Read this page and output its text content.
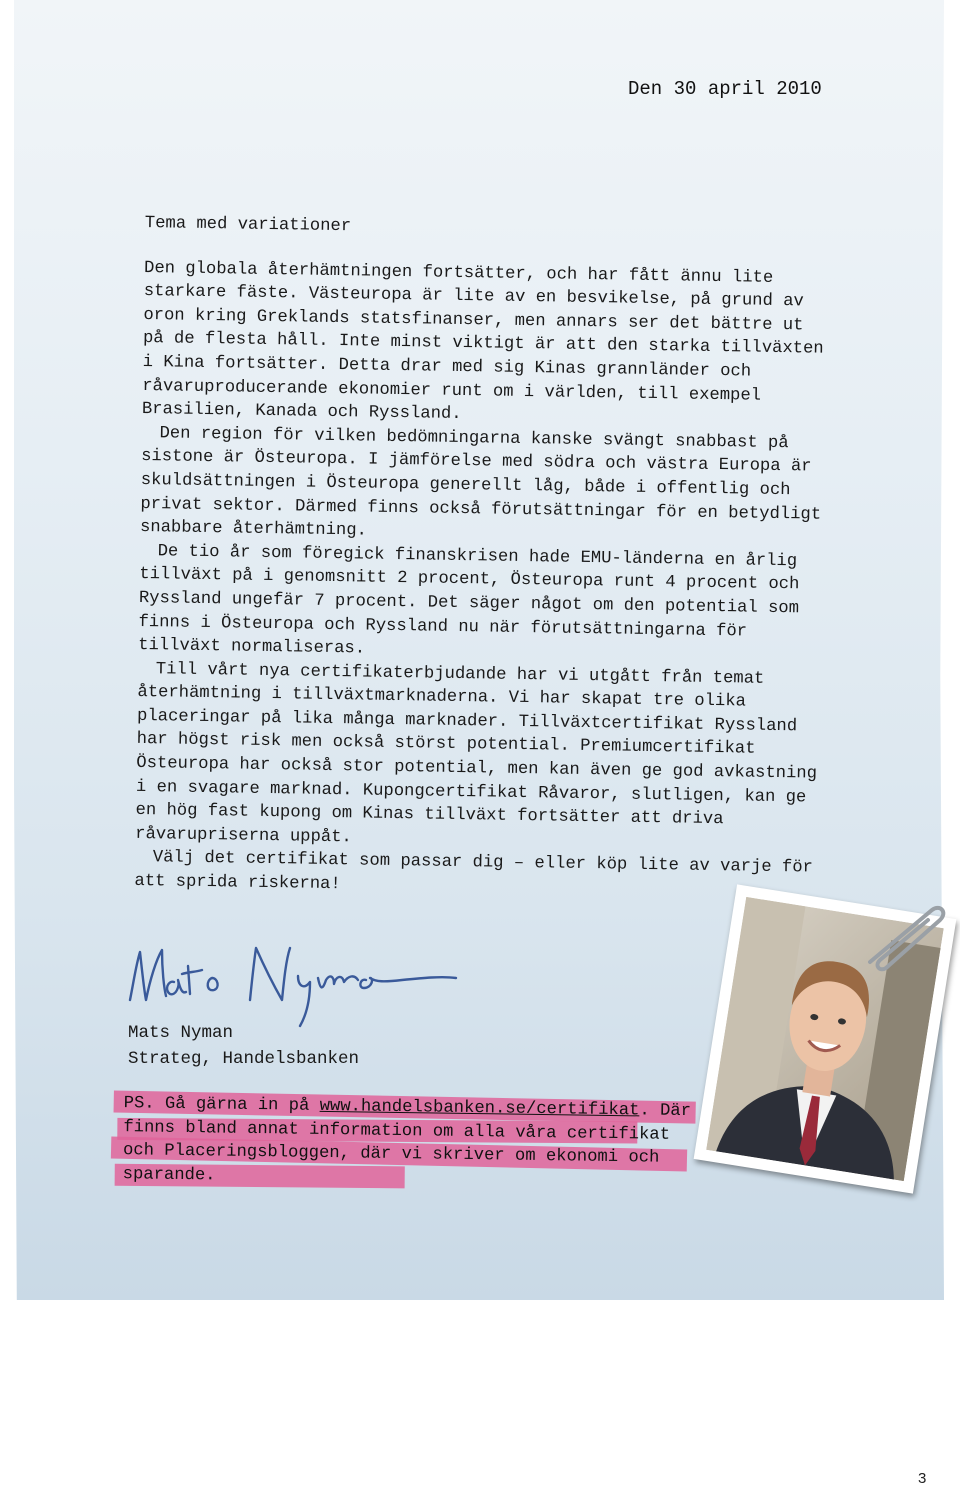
Den 30 april 2010

Tema med variationer

Den globala återhämtningen fortsätter, och har fått ännu lite starkare fäste. Västeuropa är lite av en besvikelse, på grund av oron kring Greklands statsfinanser, men annars ser det bättre ut på de flesta håll. Inte minst viktigt är att den starka tillväxten i Kina fortsätter. Detta drar med sig Kinas grannländer och råvaruproducerande ekonomier runt om i världen, till exempel Brasilien, Kanada och Ryssland.

Den region för vilken bedömningarna kanske svängt snabbast på sistone är Östeuropa. I jämförelse med södra och västra Europa är skuldsättningen i Östeuropa generellt låg, både i offentlig och privat sektor. Därmed finns också förutsättningar för en betydligt snabbare återhämtning.

De tio år som föregick finanskrisen hade EMU-länderna en årlig tillväxt på i genomsnitt 2 procent, Östeuropa runt 4 procent och Ryssland ungefär 7 procent. Det säger något om den potential som finns i Östeuropa och Ryssland nu när förutsättningarna för tillväxt normaliseras.

Till vårt nya certifikaterbjudande har vi utgått från temat återhämtning i tillväxtmarknaderna. Vi har skapat tre olika placeringar på lika många marknader. Tillväxtcertifikat Ryssland har högst risk men också störst potential. Premiumcertifikat Östeuropa har också stor potential, men kan även ge god avkastning i en svagare marknad. Kupongcertifikat Råvaror, slutligen, kan ge en hög fast kupong om Kinas tillväxt fortsätter att driva råvarupriserna uppåt.

Välj det certifikat som passar dig – eller köp lite av varje för att sprida riskerna!

Mats Nyman
Strateg, Handelsbanken
PS. Gå gärna in på www.handelsbanken.se/certifikat. Där finns bland annat information om alla våra certifikat och Placeringsbloggen, där vi skriver om ekonomi och sparande.
3
